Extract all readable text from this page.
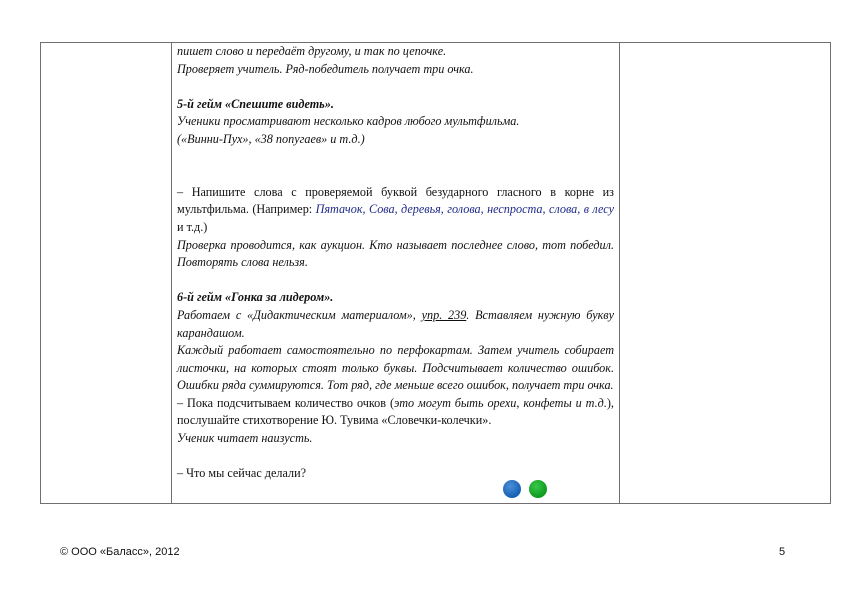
пишет слово и передаёт другому, и так по цепочке.

Проверяет учитель. Ряд-победитель получает три очка.

5-й гейм «Спешите видеть».

Ученики просматривают несколько кадров любого мультфильма.

(«Винни-Пух», «38 попугаев» и т.д.)

– Напишите слова с проверяемой буквой безударного гласного в корне из мультфильма. (Например: Пятачок, Сова, деревья, голова, неспроста, слова, в лесу и т.д.)

Проверка проводится, как аукцион. Кто называет последнее слово, тот победил. Повторять слова нельзя.

6-й гейм «Гонка за лидером».

Работаем с «Дидактическим материалом», упр. 239. Вставляем нужную букву карандашом.

Каждый работает самостоятельно по перфокартам. Затем учитель собирает листочки, на которых стоят только буквы. Подсчитывает количество ошибок. Ошибки ряда суммируются. Тот ряд, где меньше всего ошибок, получает три очка.

– Пока подсчитываем количество очков (это могут быть орехи, конфеты и т.д.), послушайте стихотворение Ю. Тувима «Словечки-колечки».

Ученик читает наизусть.

– Что мы сейчас делали?

© ООО «Баласс», 2012	5
